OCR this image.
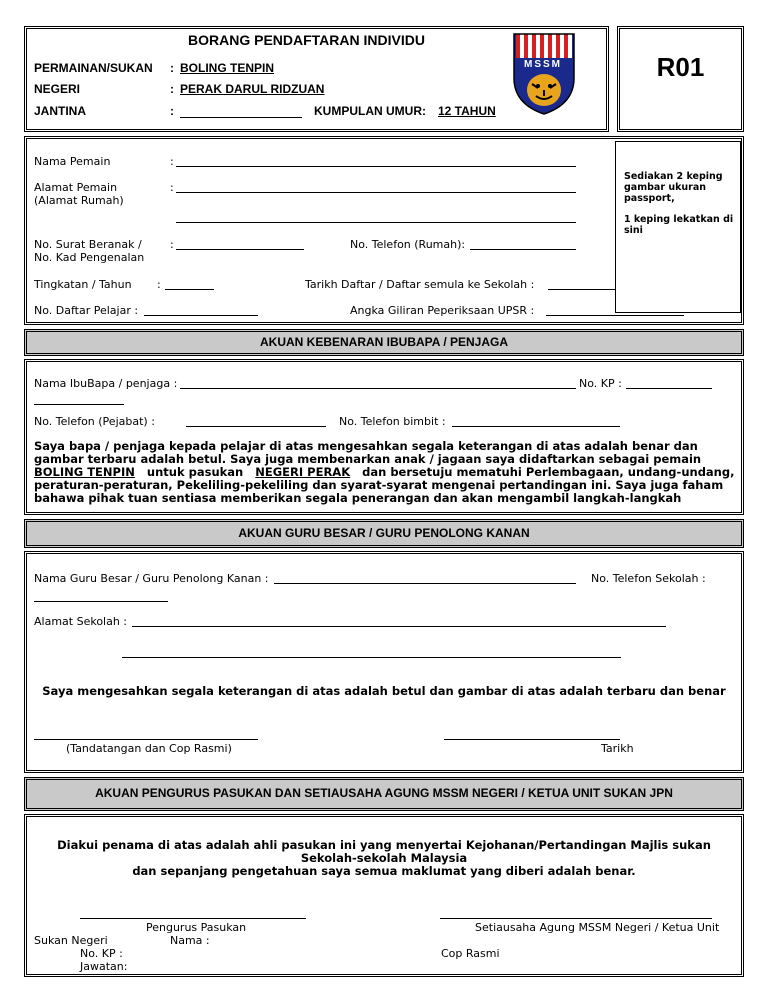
BORANG PENDAFTARAN INDIVIDU
PERMAINAN/SUKAN : BOLING TENPIN
NEGERI	: PERAK DARUL RIDZUAN
JANTINA	:	KUMPULAN UMUR: 12 TAHUN
MSSM	R01
Nama Pemain	:
Alamat Pemain
(Alamat Rumah)
:
No. Surat Beranak /
No. Kad Pengenalan
:	No. Telefon (Rumah):
Tingkatan / Tahun :	Tarikh Daftar / Daftar semula ke Sekolah :
No. Daftar Pelajar :	Angka Giliran Peperiksaan UPSR :
Sediakan 2 keping gambar ukuran passport,
1 keping lekatkan di sini
AKUAN KEBENARAN IBUBAPA / PENJAGA
Nama IbuBapa / penjaga :	No. KP :
No. Telefon (Pejabat) :	No. Telefon bimbit :
Saya bapa / penjaga kepada pelajar di atas mengesahkan segala keterangan di atas adalah benar dan
gambar terbaru adalah betul. Saya juga membenarkan anak / jagaan saya didaftarkan sebagai pemain
BOLING TENPIN untuk pasukan NEGERI PERAK dan bersetuju mematuhi Perlembagaan, undang-undang,
peraturan-peraturan, Pekeliling-pekeliling dan syarat-syarat mengenai pertandingan ini. Saya juga faham
bahawa pihak tuan sentiasa memberikan segala penerangan dan akan mengambil langkah-langkah
AKUAN GURU BESAR / GURU PENOLONG KANAN
Nama Guru Besar / Guru Penolong Kanan :	No. Telefon Sekolah :
Alamat Sekolah :
Saya mengesahkan segala keterangan di atas adalah betul dan gambar di atas adalah terbaru dan benar
(Tandatangan dan Cop Rasmi)	Tarikh
AKUAN PENGURUS PASUKAN DAN SETIAUSAHA AGUNG MSSM NEGERI / KETUA UNIT SUKAN JPN
Diakui penama di atas adalah ahli pasukan ini yang menyertai Kejohanan/Pertandingan Majlis sukan
Sekolah-sekolah Malaysia
dan sepanjang pengetahuan saya semua maklumat yang diberi adalah benar.
Pengurus Pasukan	Setiausaha Agung MSSM Negeri / Ketua Unit
Sukan Negeri	Nama :
No. KP :	Cop Rasmi
Jawatan:
